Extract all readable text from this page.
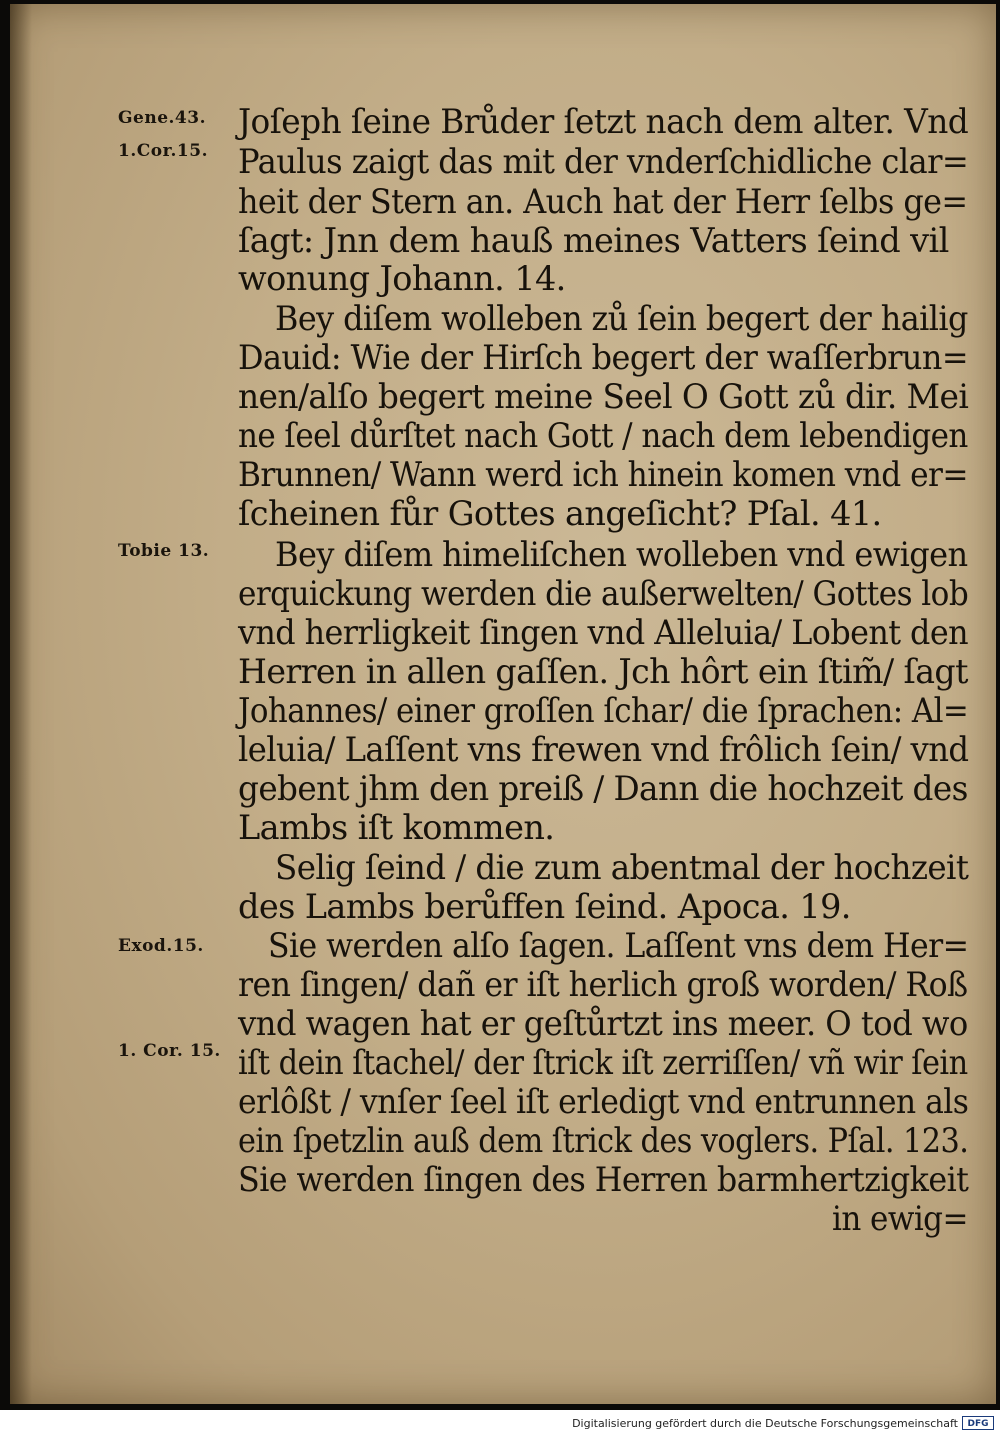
Gene.43.
1.Cor.15.
Tobie 13.
Exod.15.
1. Cor. 15.
Joſeph ſeine Brůder ſetzt nach dem alter. Vnd
Paulus zaigt das mit der vnderſchidliche clar=
heit der Stern an. Auch hat der Herr ſelbs ge=
ſagt: Jnn dem hauß meines Vatters ſeind vil
wonung Johann. 14.
Bey diſem wolleben zů ſein begert der hailig
Dauid: Wie der Hirſch begert der waſſerbrun=
nen/alſo begert meine Seel O Gott zů dir. Mei
ne ſeel důrſtet nach Gott / nach dem lebendigen
Brunnen/ Wann werd ich hinein komen vnd er=
ſcheinen fůr Gottes angeſicht? Pſal. 41.
Bey diſem himeliſchen wolleben vnd ewigen
erquickung werden die außerwelten/ Gottes lob
vnd herrligkeit ſingen vnd Alleluia/ Lobent den
Herren in allen gaſſen. Jch hôrt ein ſtim̃/ ſagt
Johannes/ einer groſſen ſchar/ die ſprachen: Al=
leluia/ Laſſent vns frewen vnd frôlich ſein/ vnd
gebent jhm den preiß / Dann die hochzeit des
Lambs iſt kommen.
Selig ſeind / die zum abentmal der hochzeit
des Lambs berůffen ſeind. Apoca. 19.
Sie werden alſo ſagen. Laſſent vns dem Her=
ren ſingen/ dañ er iſt herlich groß worden/ Roß
vnd wagen hat er geſtůrtzt ins meer. O tod wo
iſt dein ſtachel/ der ſtrick iſt zerriſſen/ vñ wir ſein
erlôßt / vnſer ſeel iſt erledigt vnd entrunnen als
ein ſpetzlin auß dem ſtrick des voglers. Pſal. 123.
Sie werden ſingen des Herren barmhertzigkeit
in ewig=
Digitalisierung gefördert durch die Deutsche Forschungsgemeinschaft	DFG
